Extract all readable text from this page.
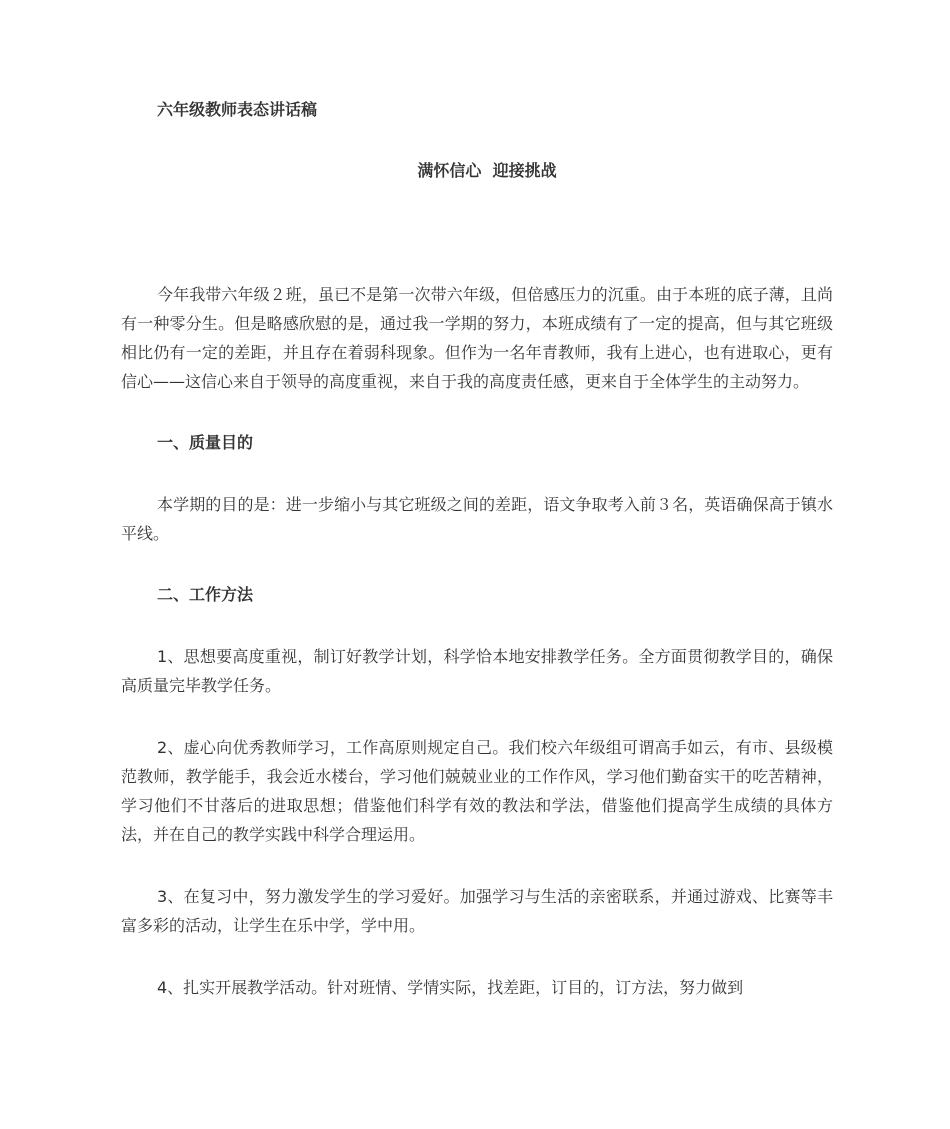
六年级教师表态讲话稿

满怀信心  迎接挑战

今年我带六年级２班，虽已不是第一次带六年级，但倍感压力的沉重。由于本班的底子薄，且尚有一种零分生。但是略感欣慰的是，通过我一学期的努力，本班成绩有了一定的提高，但与其它班级相比仍有一定的差距，并且存在着弱科现象。但作为一名年青教师，我有上进心，也有进取心，更有信心——这信心来自于领导的高度重视，来自于我的高度责任感，更来自于全体学生的主动努力。

一、质量目的

本学期的目的是：进一步缩小与其它班级之间的差距，语文争取考入前３名，英语确保高于镇水平线。

二、工作方法

1、思想要高度重视，制订好教学计划，科学恰本地安排教学任务。全方面贯彻教学目的，确保高质量完毕教学任务。

2、虚心向优秀教师学习，工作高原则规定自己。我们校六年级组可谓高手如云，有市、县级模范教师，教学能手，我会近水楼台，学习他们兢兢业业的工作作风，学习他们勤奋实干的吃苦精神，学习他们不甘落后的进取思想；借鉴他们科学有效的教法和学法，借鉴他们提高学生成绩的具体方法，并在自己的教学实践中科学合理运用。

3、在复习中，努力激发学生的学习爱好。加强学习与生活的亲密联系，并通过游戏、比赛等丰富多彩的活动，让学生在乐中学，学中用。

4、扎实开展教学活动。针对班情、学情实际，找差距，订目的，订方法，努力做到
